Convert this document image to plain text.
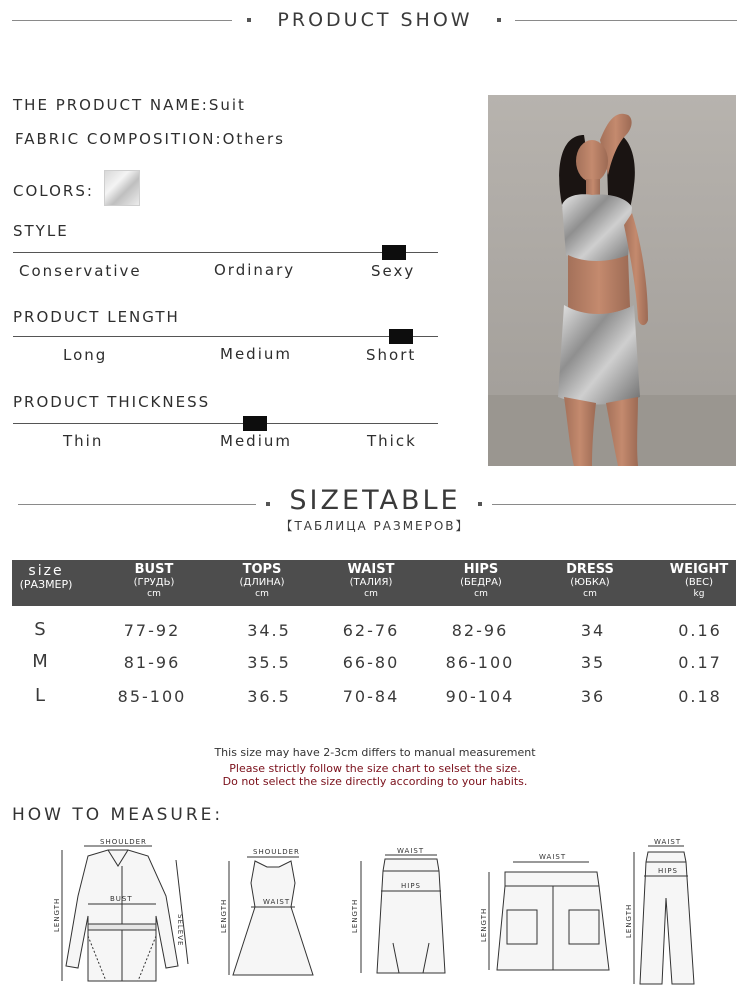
PRODUCT SHOW
THE PRODUCT NAME:Suit
FABRIC COMPOSITION:Others
COLORS:
STYLE
Conservative	Ordinary	Sexy
PRODUCT LENGTH
Long	Medium	Short
PRODUCT THICKNESS
Thin	Medium	Thick
SIZETABLE
【ТАБЛИЦА РАЗМЕРОВ】
size
(РАЗМЕР)
BUST
(ГРУДЬ)
cm
TOPS
(ДЛИНА)
cm
WAIST
(ТАЛИЯ)
cm
HIPS
(БЕДРА)
cm
DRESS
(ЮБКА)
cm
WEIGHT
(ВЕС)
kg
S	77-92	34.5	62-76	82-96	34	0.16
M	81-96	35.5	66-80	86-100	35	0.17
L	85-100	36.5	70-84	90-104	36	0.18
This size may have 2-3cm differs to manual measurement
Please strictly follow the size chart to selset the size.
Do not select the size directly according to your habits.
HOW TO MEASURE:
SHOULDER
BUST
LENGTH	SELEVE
SHOULDER
WAIST
LENGTH
WAIST
HIPS
LENGTH
WAIST
LENGTH
WAIST
HIPS
LENGTH
